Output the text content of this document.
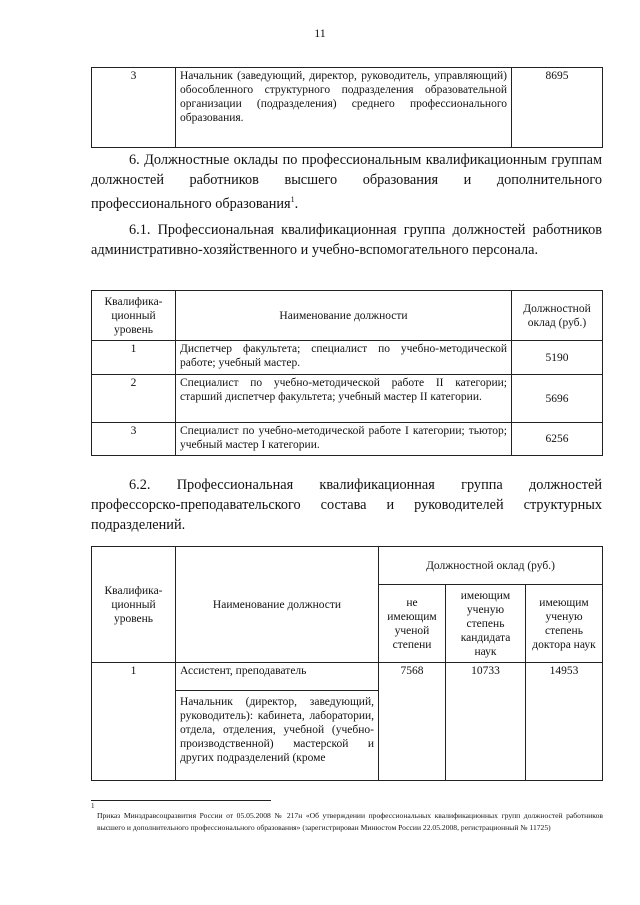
11
3	Начальник (заведующий, директор, руководитель, управляющий) обособленного структурного подразделения образовательной организации (подразделения) среднего профессионального образования.	8695
6. Должностные оклады по профессиональным квалификационным группам должностей работников высшего образования и дополнительного профессионального образования$^1$.
6.1. Профессиональная квалификационная группа должностей работников административно-хозяйственного и учебно-вспомогательного персонала.
Квалифика-ционный уровень	Наименование должности	Должностной оклад (руб.)
1	Диспетчер факультета; специалист по учебно-методической работе; учебный мастер.	5190
2	Специалист по учебно-методической работе II категории; старший диспетчер факультета; учебный мастер II категории.	5696
3	Специалист по учебно-методической работе I категории; тьютор; учебный мастер I категории.	6256
6.2. Профессиональная квалификационная группа должностей профессорско-преподавательского состава и руководителей структурных подразделений.
Квалифика-ционный уровень	Наименование должности	Должностной оклад (руб.)		
		не имеющим ученой степени	имеющим ученую степень кандидата наук	имеющим ученую степень доктора наук
1	Ассистент, преподаватель	7568	10733	14953
	Начальник (директор, заведующий, руководитель): кабинета, лаборатории, отдела, отделения, учебной (учебно-производственной) мастерской и других подразделений (кроме			
1
Приказ Минздравсоцразвития России от 05.05.2008 № 217н «Об утверждении профессиональных квалификационных групп должностей работников высшего и дополнительного профессионального образования» (зарегистрирован Минюстом России 22.05.2008, регистрационный № 11725)
